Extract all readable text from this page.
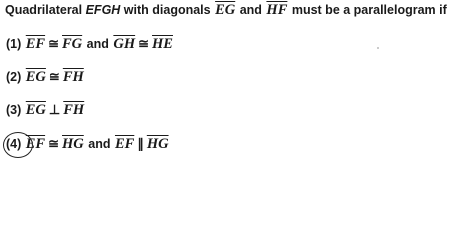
Quadrilateral EFGH with diagonals $\overline{EG}$ and $\overline{HF}$ must be a parallelogram if
(1) $\overline{EF}$ ≅ $\overline{FG}$ and $\overline{GH}$ ≅ $\overline{HE}$
(2) $\overline{EG}$ ≅ $\overline{FH}$
(3) $\overline{EG}$ ⊥ $\overline{FH}$
(4) $\overline{EF}$ ≅ $\overline{HG}$ and $\overline{EF}$ ∥ $\overline{HG}$
